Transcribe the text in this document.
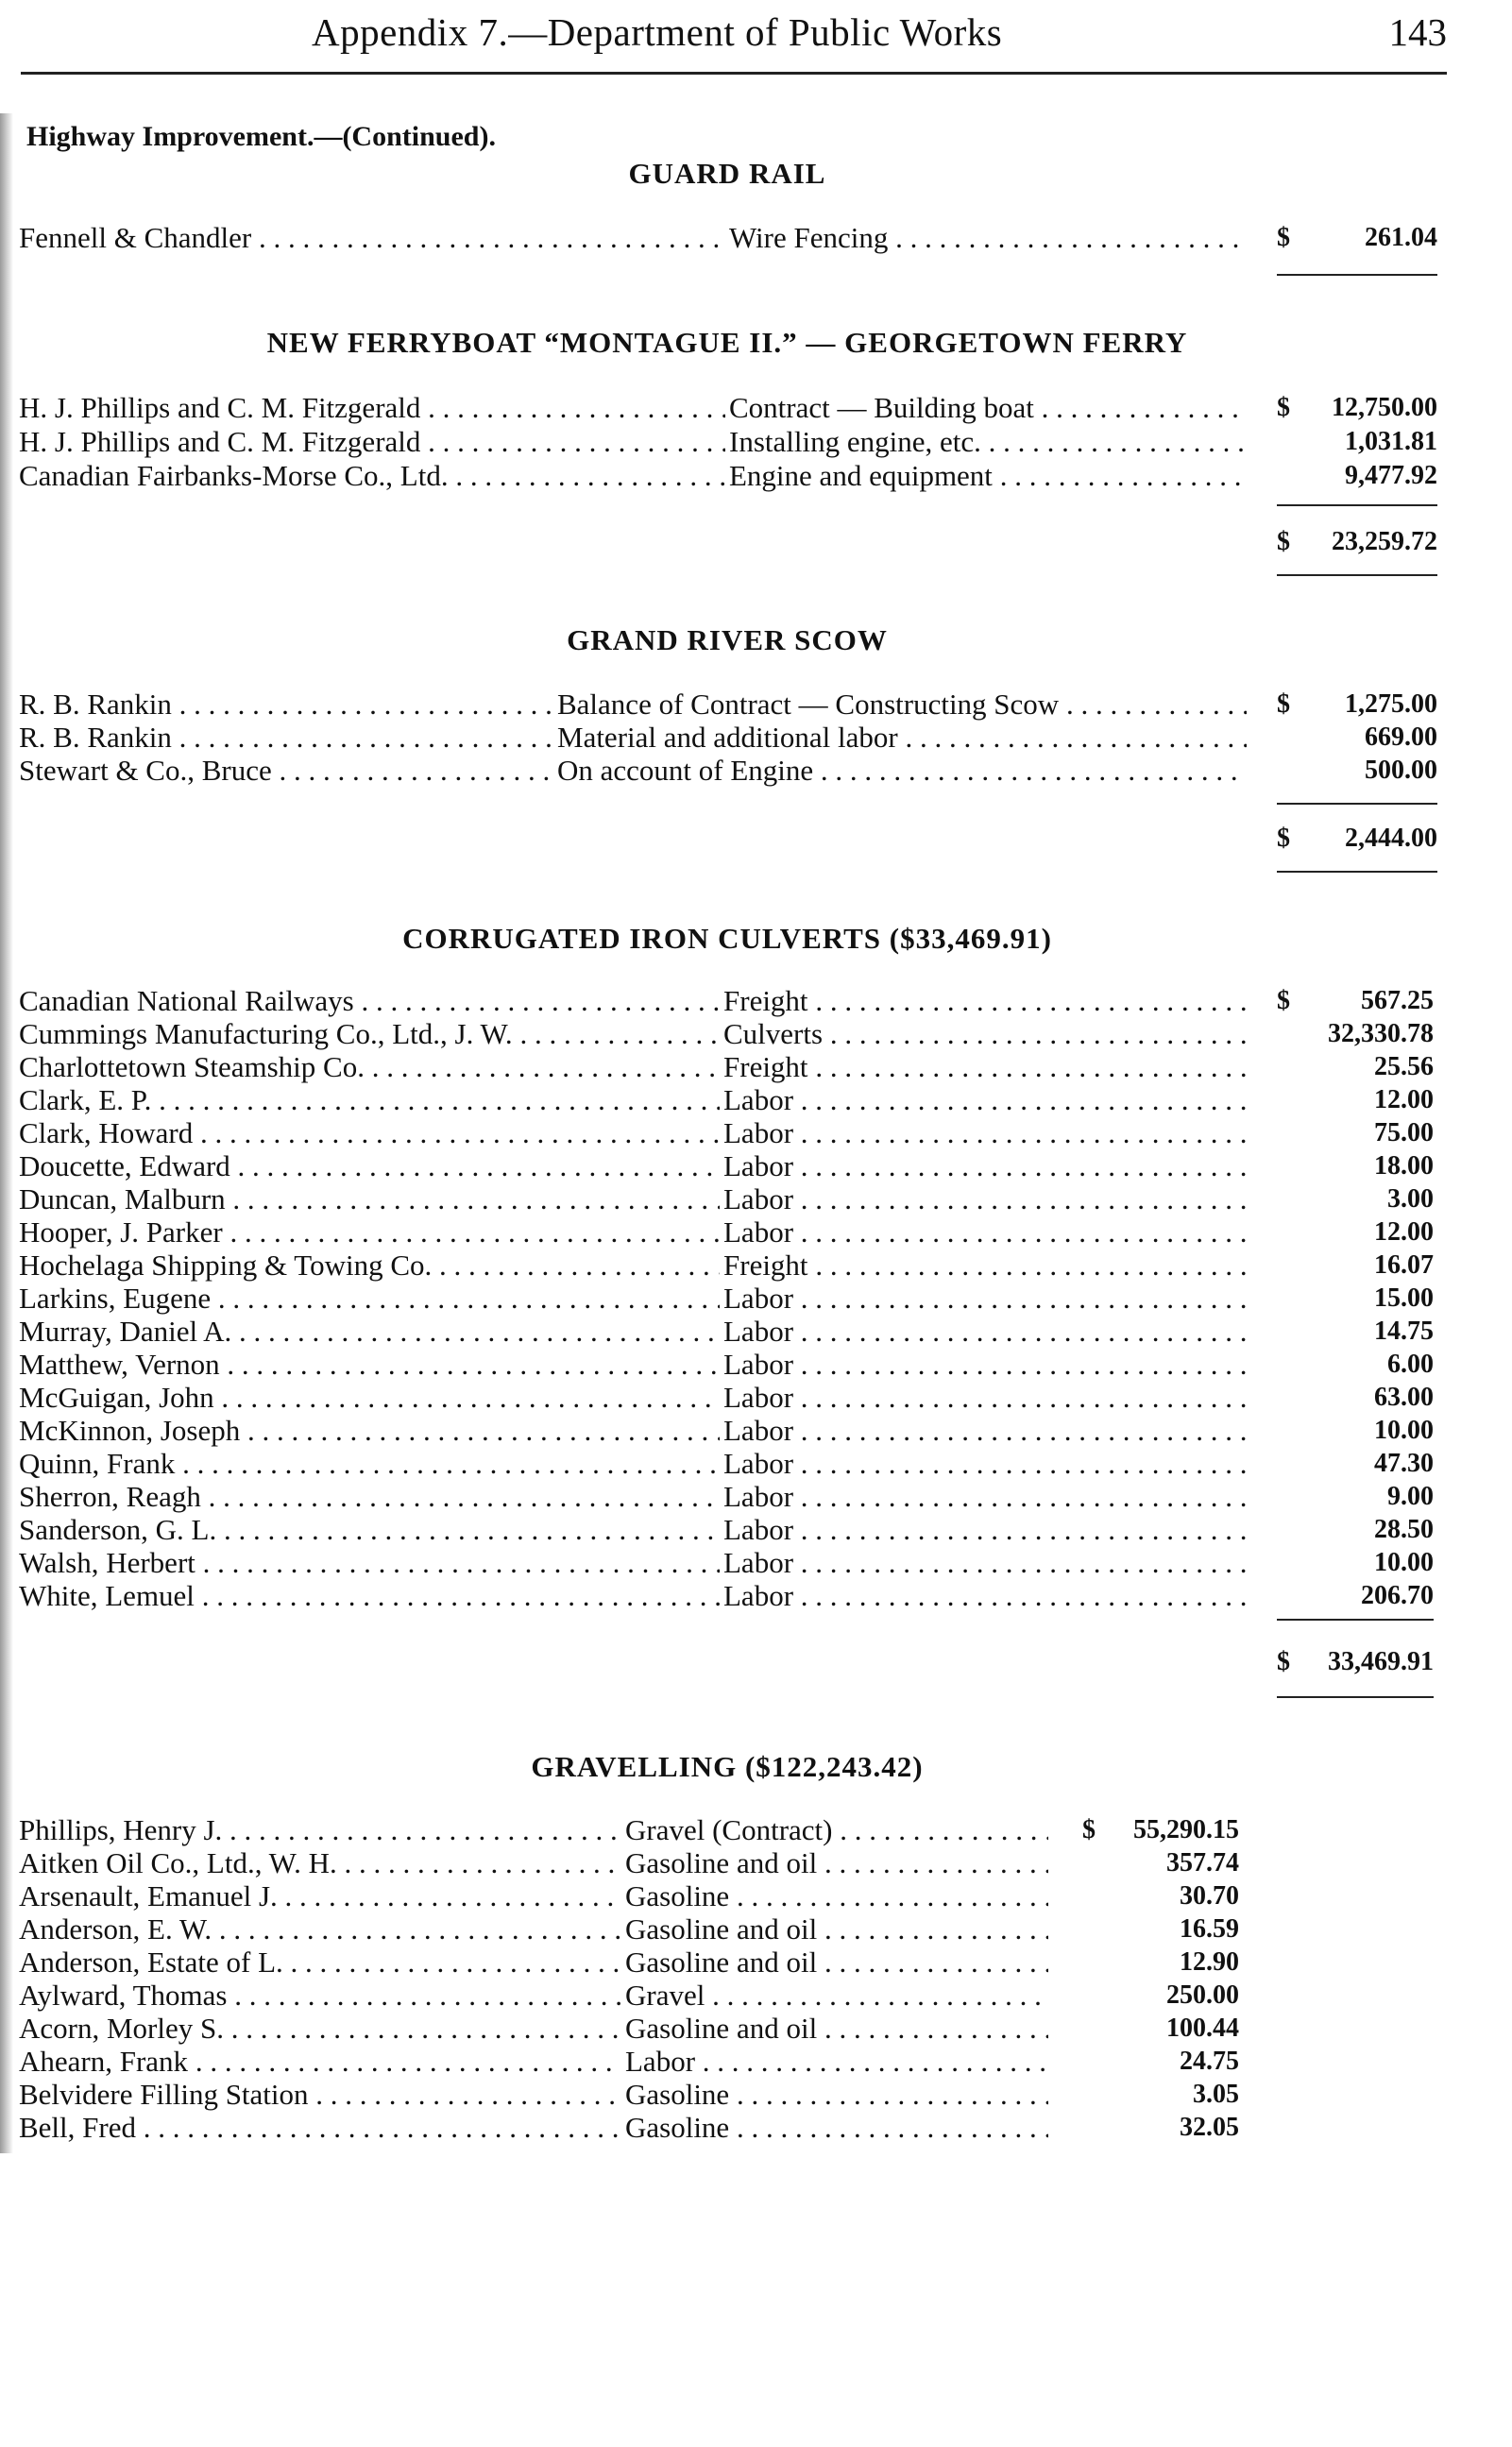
Appendix 7.—Department of Public Works	143
Highway Improvement.—(Continued).
GUARD RAIL
Fennell & Chandler . . .	Wire Fencing . . .	$	261.04
NEW FERRYBOAT “MONTAGUE II.” — GEORGETOWN FERRY
H. J. Phillips and C. M. Fitzgerald . . .	Contract — Building boat . . .	$	12,750.00
H. J. Phillips and C. M. Fitzgerald . . .	Installing engine, etc. . . .	1,031.81
Canadian Fairbanks-Morse Co., Ltd. . . .	Engine and equipment . . .	9,477.92
$ 23,259.72
GRAND RIVER SCOW
R. B. Rankin . . .	Balance of Contract — Constructing Scow . . .	$	1,275.00
R. B. Rankin . . .	Material and additional labor . . .	669.00
Stewart & Co., Bruce . . .	On account of Engine . . .	500.00
$ 2,444.00
CORRUGATED IRON CULVERTS ($33,469.91)
Canadian National Railways . . .	Freight . . .	$	567.25
Cummings Manufacturing Co., Ltd., J. W. . . .	Culverts . . .	32,330.78
Charlottetown Steamship Co. . . .	Freight . . .	25.56
Clark, E. P. . . .	Labor . . .	12.00
Clark, Howard . . .	Labor . . .	75.00
Doucette, Edward . . .	Labor . . .	18.00
Duncan, Malburn . . .	Labor . . .	3.00
Hooper, J. Parker . . .	Labor . . .	12.00
Hochelaga Shipping & Towing Co. . . .	Freight . . .	16.07
Larkins, Eugene . . .	Labor . . .	15.00
Murray, Daniel A. . . .	Labor . . .	14.75
Matthew, Vernon . . .	Labor . . .	6.00
McGuigan, John . . .	Labor . . .	63.00
McKinnon, Joseph . . .	Labor . . .	10.00
Quinn, Frank . . .	Labor . . .	47.30
Sherron, Reagh . . .	Labor . . .	9.00
Sanderson, G. L. . . .	Labor . . .	28.50
Walsh, Herbert . . .	Labor . . .	10.00
White, Lemuel . . .	Labor . . .	206.70
$ 33,469.91
GRAVELLING ($122,243.42)
Phillips, Henry J. . . .	Gravel (Contract) . . .	$	55,290.15
Aitken Oil Co., Ltd., W. H. . . .	Gasoline and oil . . .	357.74
Arsenault, Emanuel J. . . .	Gasoline . . .	30.70
Anderson, E. W. . . .	Gasoline and oil . . .	16.59
Anderson, Estate of L. . . .	Gasoline and oil . . .	12.90
Aylward, Thomas . . .	Gravel . . .	250.00
Acorn, Morley S. . . .	Gasoline and oil . . .	100.44
Ahearn, Frank . . .	Labor . . .	24.75
Belvidere Filling Station . . .	Gasoline . . .	3.05
Bell, Fred . . .	Gasoline . . .	32.05
